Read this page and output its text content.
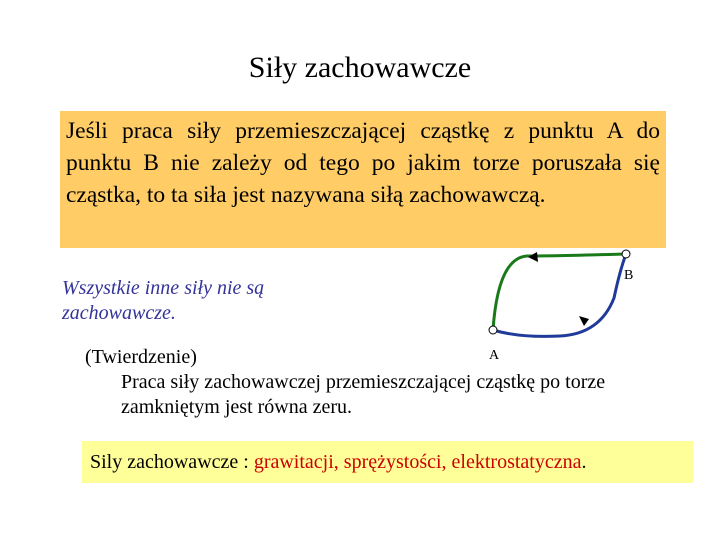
Siły zachowawcze
Jeśli praca siły przemieszczającej cząstkę z punktu A do punktu B nie zależy od tego po jakim torze poruszała się cząstka, to ta siła jest nazywana siłą zachowawczą.
Wszystkie inne siły nie są zachowawcze.
B
A
(Twierdzenie)
Praca siły zachowawczej przemieszczającej cząstkę po torze zamkniętym jest równa zeru.
Sily zachowawcze : grawitacji, sprężystości, elektrostatyczna.
